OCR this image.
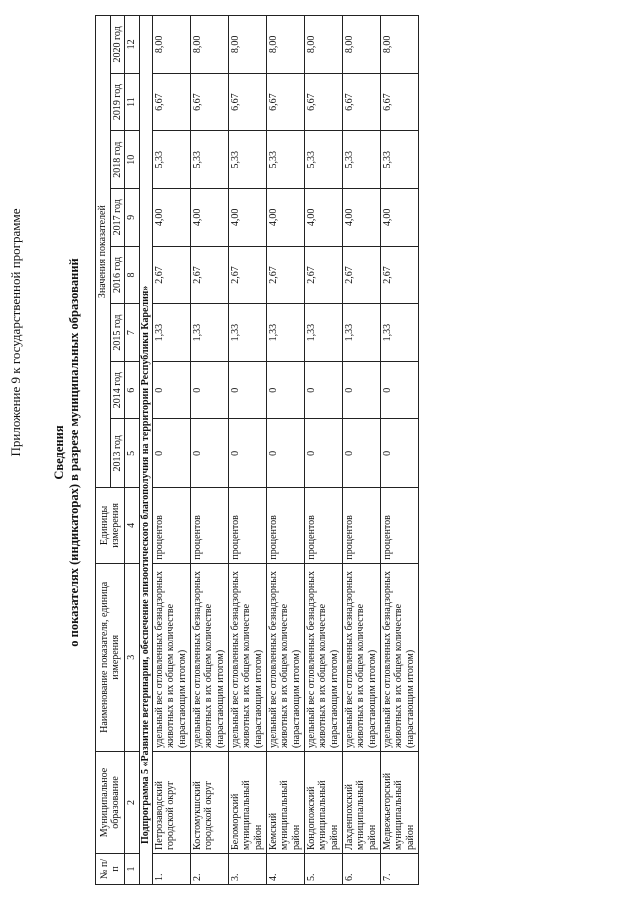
Приложение 9 к государственной программе Сведения о показателях (индикаторах) в разрезе муниципальных образований
№ п/п	Муниципальное образование	Наименование показателя, единица измерения	Единицы измерения	Значения показателей							
				2013 год	2014 год	2015 год	2016 год	2017 год	2018 год	2019 год	2020 год
1	2	3	4	5	6	7	8	9	10	11	12
Подпрограмма 5 «Развитие ветеринарии, обеспечение эпизоотического благополучия на территории Республики Карелия»											
1.	Петрозаводский городской округ	удельный вес отловленных безнадзорных животных в их общем количестве (нарастающим итогом)	процентов	0	0	1,33	2,67	4,00	5,33	6,67	8,00
2.	Костомукшский городской округ	удельный вес отловленных безнадзорных животных в их общем количестве (нарастающим итогом)	процентов	0	0	1,33	2,67	4,00	5,33	6,67	8,00
3.	Беломорский муниципальный район	удельный вес отловленных безнадзорных животных в их общем количестве (нарастающим итогом)	процентов	0	0	1,33	2,67	4,00	5,33	6,67	8,00
4.	Кемский муниципальный район	удельный вес отловленных безнадзорных животных в их общем количестве (нарастающим итогом)	процентов	0	0	1,33	2,67	4,00	5,33	6,67	8,00
5.	Кондопожский муниципальный район	удельный вес отловленных безнадзорных животных в их общем количестве (нарастающим итогом)	процентов	0	0	1,33	2,67	4,00	5,33	6,67	8,00
6.	Лахденпохский муниципальный район	удельный вес отловленных безнадзорных животных в их общем количестве (нарастающим итогом)	процентов	0	0	1,33	2,67	4,00	5,33	6,67	8,00
7.	Медвежьегорский муниципальный район	удельный вес отловленных безнадзорных животных в их общем количестве (нарастающим итогом)	процентов	0	0	1,33	2,67	4,00	5,33	6,67	8,00
